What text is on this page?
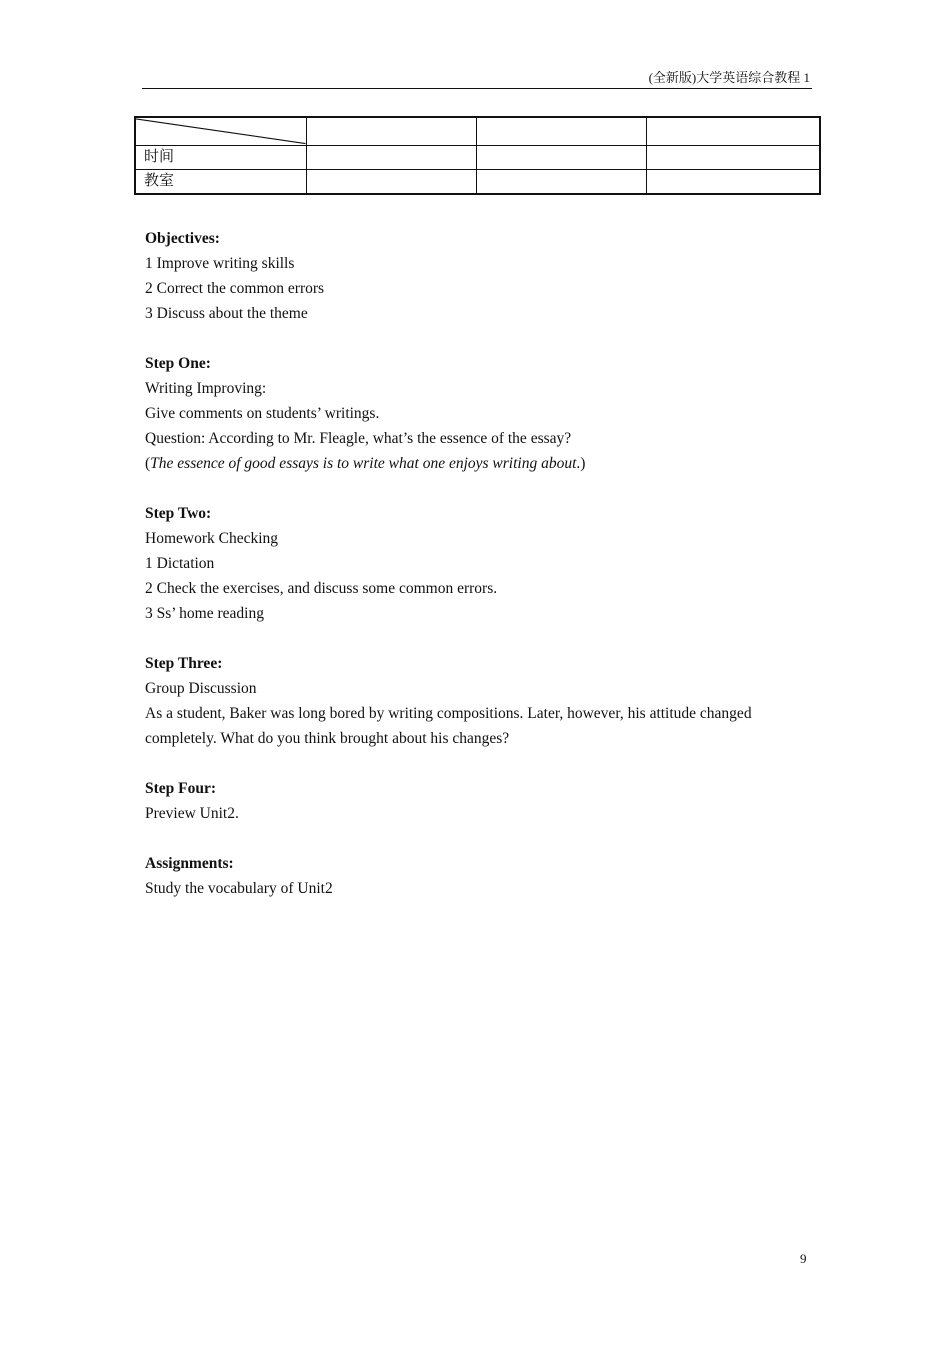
(全新版)大学英语综合教程 1

时间			
教室			
Objectives:

1 Improve writing skills

2 Correct the common errors

3 Discuss about the theme

Step One:

Writing Improving:

Give comments on students’ writings.

Question: According to Mr. Fleagle, what’s the essence of the essay?

(The essence of good essays is to write what one enjoys writing about.)

Step Two:

Homework Checking

1 Dictation

2 Check the exercises, and discuss some common errors.

3 Ss’ home reading

Step Three:

Group Discussion

As a student, Baker was long bored by writing compositions. Later, however, his attitude changed completely. What do you think brought about his changes?

Step Four:

Preview Unit2.

Assignments:

Study the vocabulary of Unit2

9
